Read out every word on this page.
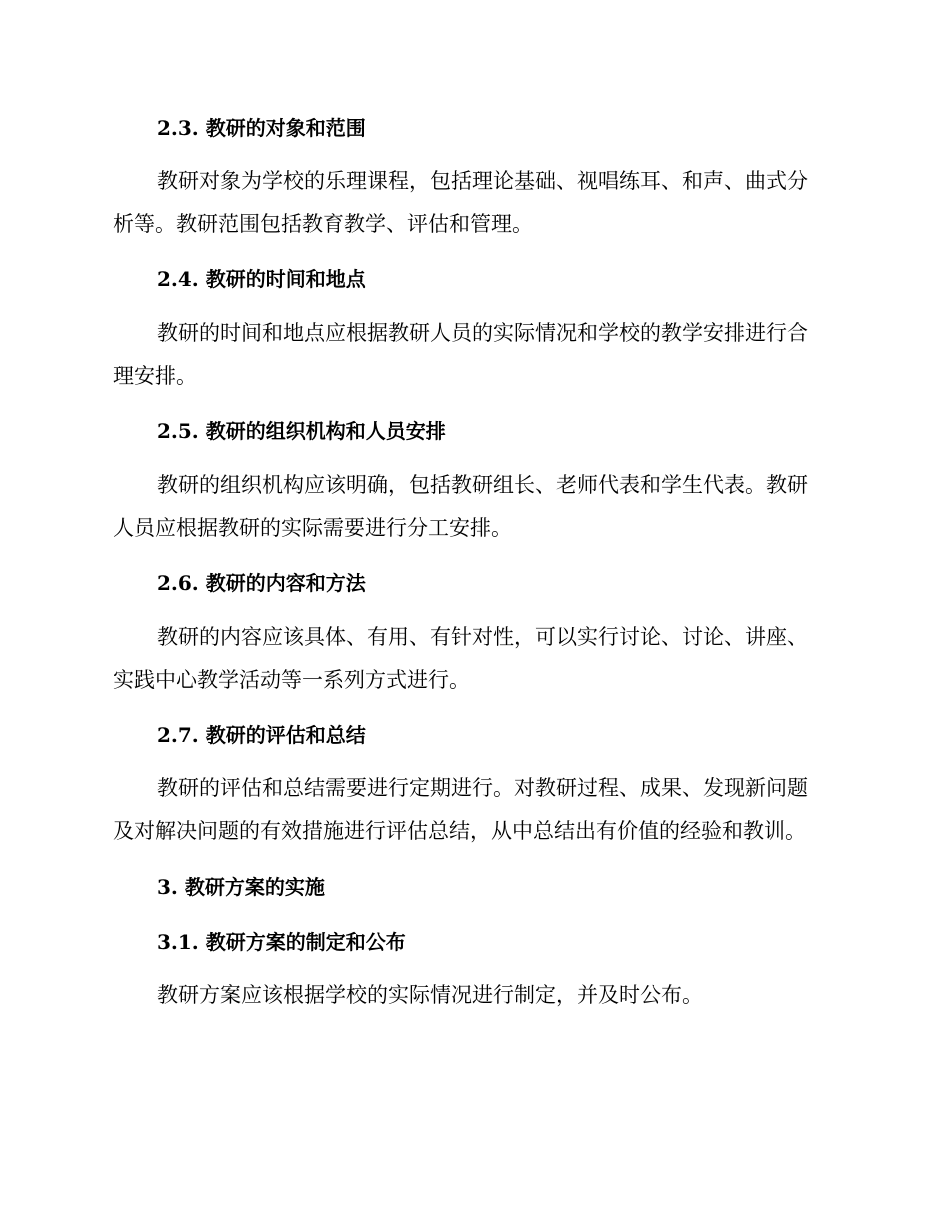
2.3. 教研的对象和范围

教研对象为学校的乐理课程，包括理论基础、视唱练耳、和声、曲式分
析等。教研范围包括教育教学、评估和管理。

2.4. 教研的时间和地点

教研的时间和地点应根据教研人员的实际情况和学校的教学安排进行合
理安排。

2.5. 教研的组织机构和人员安排

教研的组织机构应该明确，包括教研组长、老师代表和学生代表。教研
人员应根据教研的实际需要进行分工安排。

2.6. 教研的内容和方法

教研的内容应该具体、有用、有针对性，可以实行讨论、讨论、讲座、
实践中心教学活动等一系列方式进行。

2.7. 教研的评估和总结

教研的评估和总结需要进行定期进行。对教研过程、成果、发现新问题
及对解决问题的有效措施进行评估总结，从中总结出有价值的经验和教训。

3. 教研方案的实施
3.1. 教研方案的制定和公布

教研方案应该根据学校的实际情况进行制定，并及时公布。
